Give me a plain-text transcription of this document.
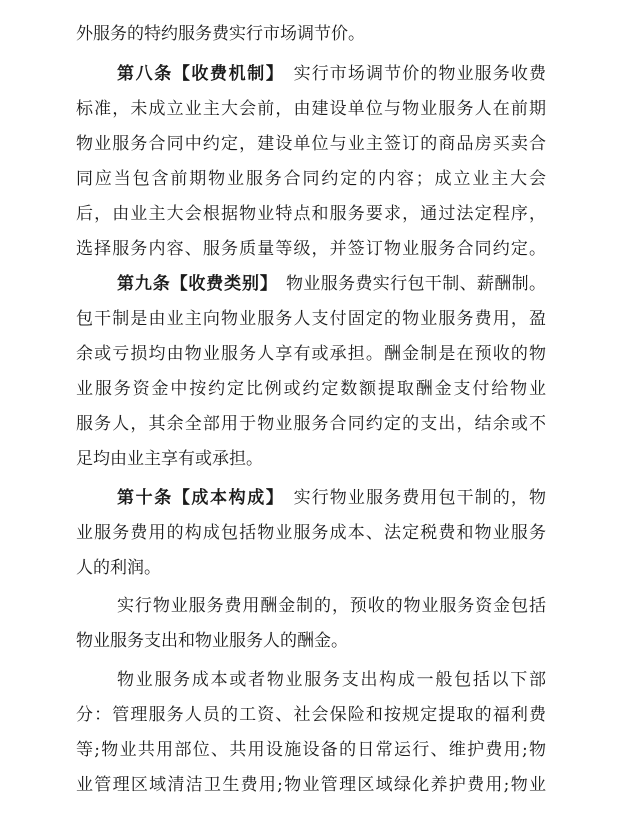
外服务的特约服务费实行市场调节价。
第八条【收费机制】 实行市场调节价的物业服务收费
标准，未成立业主大会前，由建设单位与物业服务人在前期
物业服务合同中约定，建设单位与业主签订的商品房买卖合
同应当包含前期物业服务合同约定的内容；成立业主大会
后，由业主大会根据物业特点和服务要求，通过法定程序，
选择服务内容、服务质量等级，并签订物业服务合同约定。
第九条【收费类别】 物业服务费实行包干制、薪酬制。
包干制是由业主向物业服务人支付固定的物业服务费用，盈
余或亏损均由物业服务人享有或承担。酬金制是在预收的物
业服务资金中按约定比例或约定数额提取酬金支付给物业
服务人，其余全部用于物业服务合同约定的支出，结余或不
足均由业主享有或承担。
第十条【成本构成】 实行物业服务费用包干制的，物
业服务费用的构成包括物业服务成本、法定税费和物业服务
人的利润。
实行物业服务费用酬金制的，预收的物业服务资金包括
物业服务支出和物业服务人的酬金。
物业服务成本或者物业服务支出构成一般包括以下部
分：管理服务人员的工资、社会保险和按规定提取的福利费
等;物业共用部位、共用设施设备的日常运行、维护费用;物
业管理区域清洁卫生费用;物业管理区域绿化养护费用;物业
